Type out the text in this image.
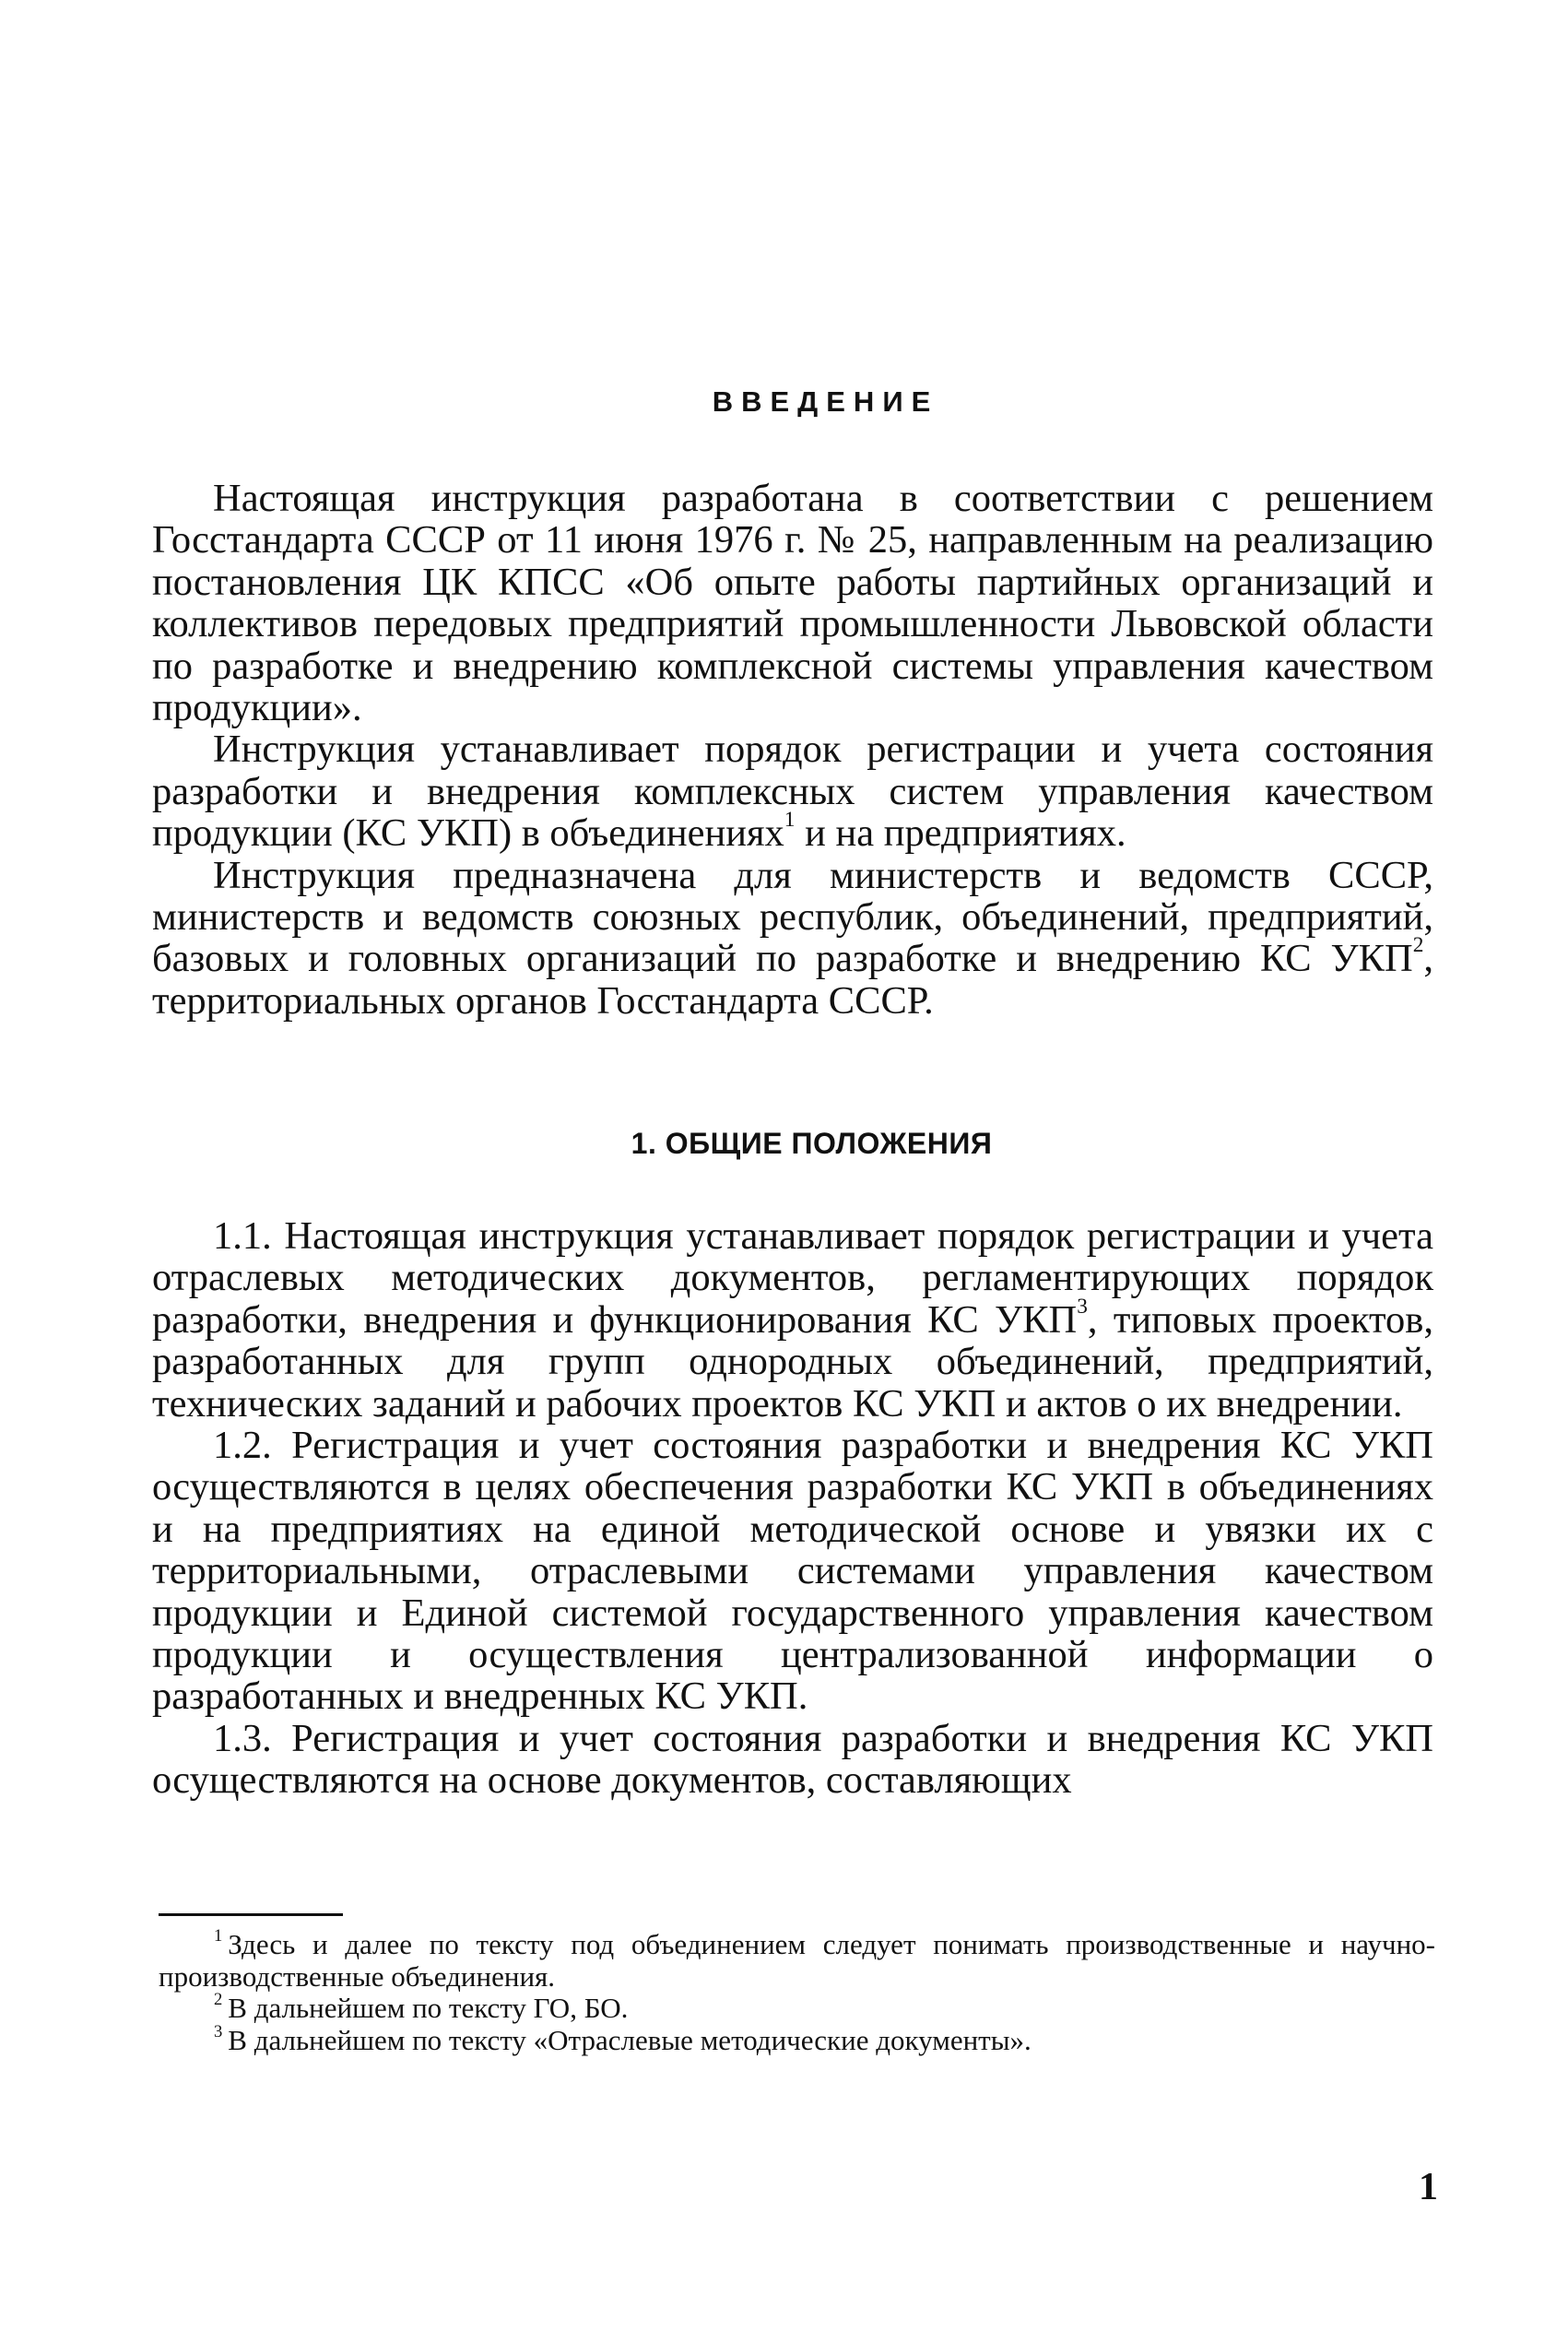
ВВЕДЕНИЕ

Настоящая инструкция разработана в соответствии с решением Госстандарта СССР от 11 июня 1976 г. № 25, направленным на реализацию постановления ЦК КПСС «Об опыте работы партийных организаций и коллективов передовых предприятий промышленности Львовской области по разработке и внедрению комплексной системы управления качеством продукции».

Инструкция устанавливает порядок регистрации и учета состояния разработки и внедрения комплексных систем управления качеством продукции (КС УКП) в объединениях$^1$ и на предприятиях.

Инструкция предназначена для министерств и ведомств СССР, министерств и ведомств союзных республик, объединений, предприятий, базовых и головных организаций по разработке и внедрению КС УКП$^2$, территориальных органов Госстандарта СССР.

1. ОБЩИЕ ПОЛОЖЕНИЯ

1.1. Настоящая инструкция устанавливает порядок регистрации и учета отраслевых методических документов, регламентирующих порядок разработки, внедрения и функционирования КС УКП$^3$, типовых проектов, разработанных для групп однородных объединений, предприятий, технических заданий и рабочих проектов КС УКП и актов о их внедрении.

1.2. Регистрация и учет состояния разработки и внедрения КС УКП осуществляются в целях обеспечения разработки КС УКП в объединениях и на предприятиях на единой методической основе и увязки их с территориальными, отраслевыми системами управления качеством продукции и Единой системой государственного управления качеством продукции и осуществления централизованной информации о разработанных и внедренных КС УКП.

1.3. Регистрация и учет состояния разработки и внедрения КС УКП осуществляются на основе документов, составляющих

$^1$ Здесь и далее по тексту под объединением следует понимать производственные и научно-производственные объединения.

$^2$ В дальнейшем по тексту ГО, БО.

$^3$ В дальнейшем по тексту «Отраслевые методические документы».

1
